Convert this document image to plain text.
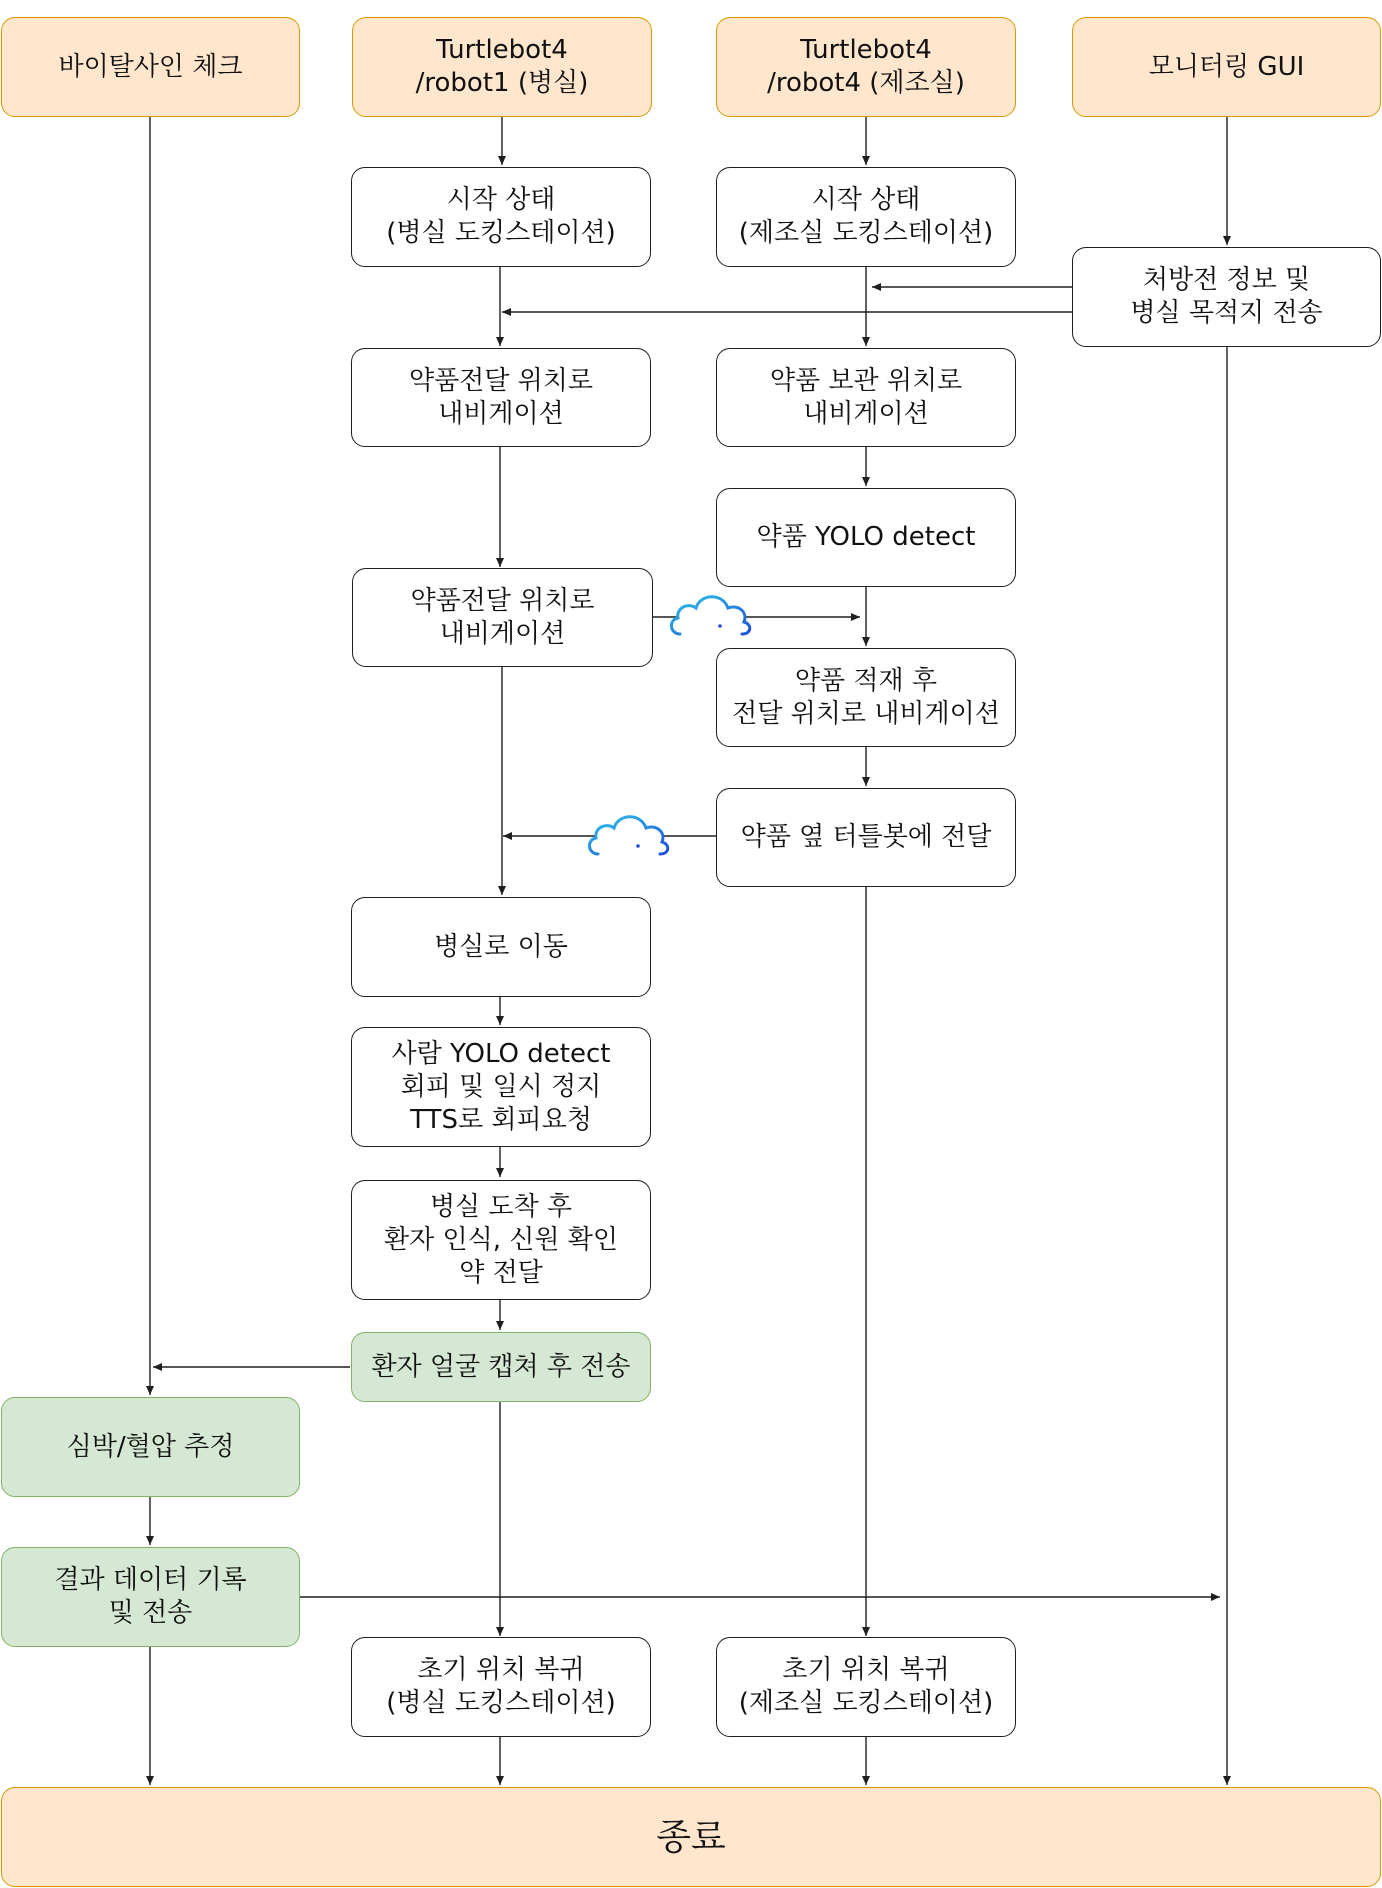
바이탈사인 체크
Turtlebot4
/robot1 (병실)
Turtlebot4
/robot4 (제조실)
모니터링 GUI
시작 상태
(병실 도킹스테이션)
약품전달 위치로
내비게이션
약품전달 위치로
내비게이션
병실로 이동
사람 YOLO detect
회피 및 일시 정지
TTS로 회피요청
병실 도착 후
환자 인식, 신원 확인
약 전달
환자 얼굴 캡쳐 후 전송
초기 위치 복귀
(병실 도킹스테이션)
시작 상태
(제조실 도킹스테이션)
약품 보관 위치로
내비게이션
약품 YOLO detect
약품 적재 후
전달 위치로 내비게이션
약품 옆 터틀봇에 전달
초기 위치 복귀
(제조실 도킹스테이션)
처방전 정보 및
병실 목적지 전송
심박/혈압 추정
결과 데이터 기록
및 전송
종료
